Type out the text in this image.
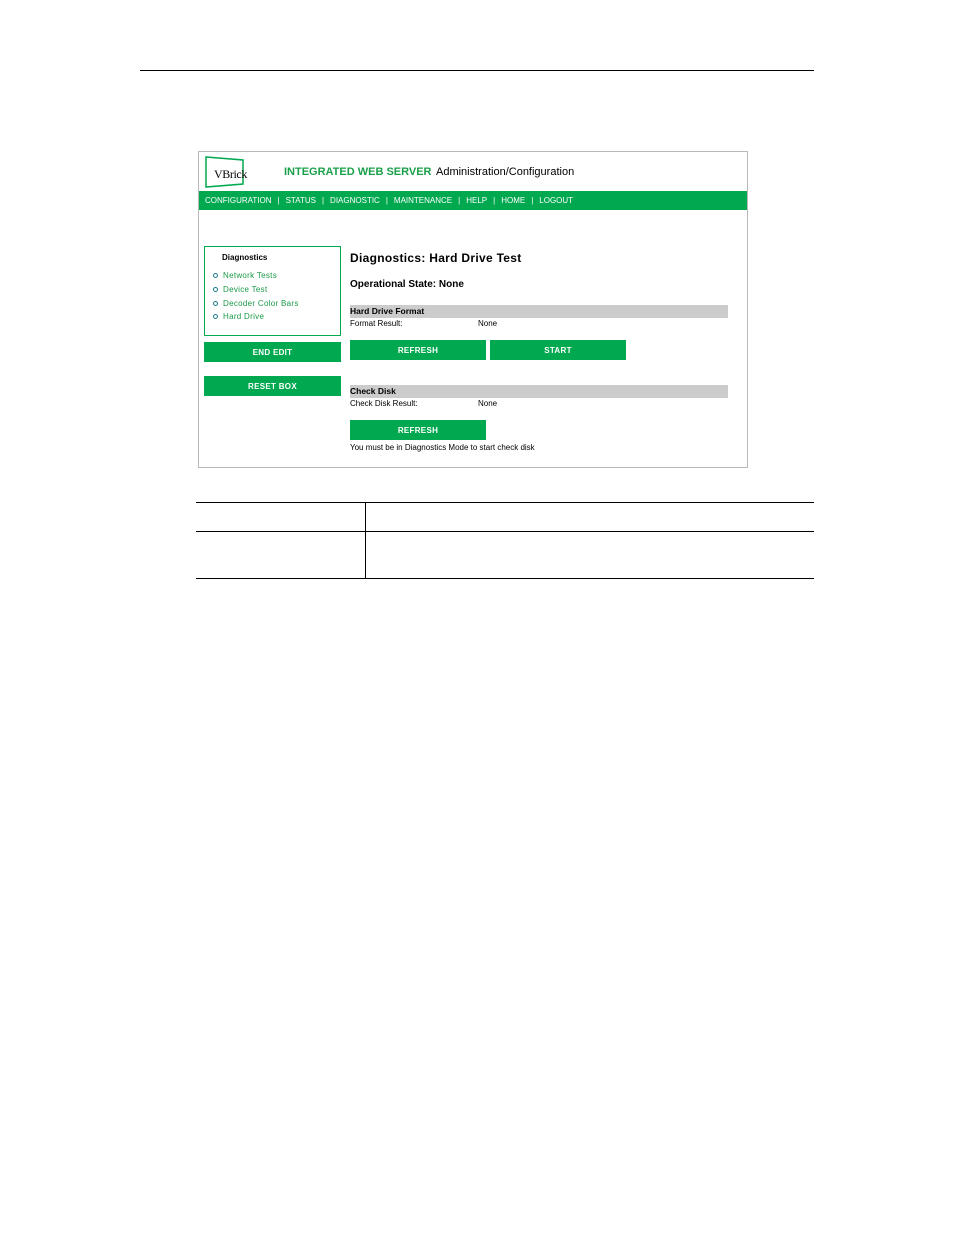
VBrick	INTEGRATED WEB SERVER Administration/Configuration
CONFIGURATION | STATUS | DIAGNOSTIC | MAINTENANCE | HELP | HOME | LOGOUT
Diagnostics
Network Tests
Device Test
Decoder Color Bars
Hard Drive
END EDIT
RESET BOX
Diagnostics: Hard Drive Test
Operational State: None
Hard Drive Format
Format Result:	None
REFRESH	START
Check Disk
Check Disk Result:	None
REFRESH
You must be in Diagnostics Mode to start check disk
